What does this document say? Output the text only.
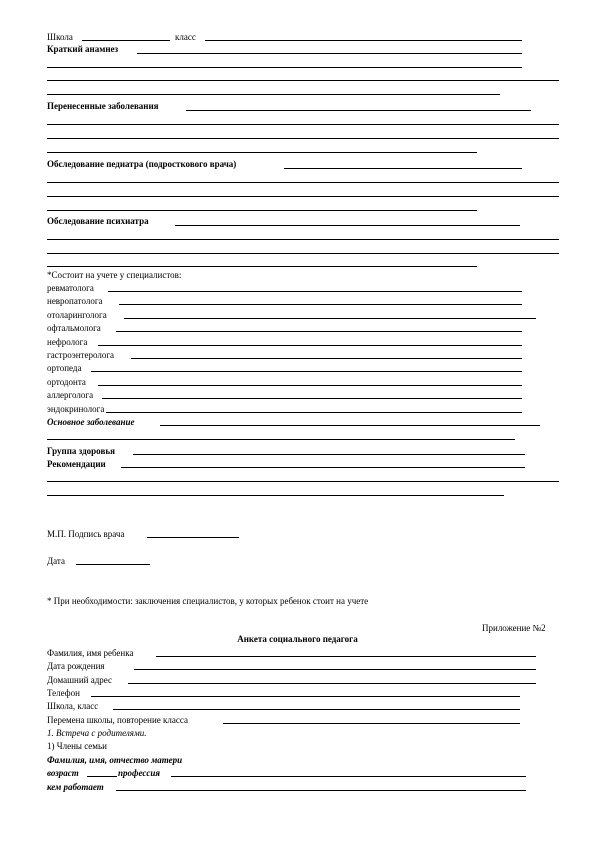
Школа	класс
Краткий анамнез
Перенесенные заболевания
Обследование педиатра (подросткового врача)
Обследование психиатра
*Состоит на учете у специалистов:
ревматолога
невропатолога
отоларинголога
офтальмолога
нефролога
гастроэнтеролога
ортопеда
ортодонта
аллерголога
эндокринолога
Основное заболевание
Группа здоровья
Рекомендации
М.П. Подпись врача
Дата
* При необходимости: заключения специалистов, у которых ребенок стоит на учете
Приложение №2
Анкета социального педагога
Фамилия, имя ребенка
Дата рождения
Домашний адрес
Телефон
Школа, класс
Перемена школы, повторение класса
1. Встреча с родителями.
1) Члены семьи
Фамилия, имя, отчество матери
возраст	профессия
кем работает
